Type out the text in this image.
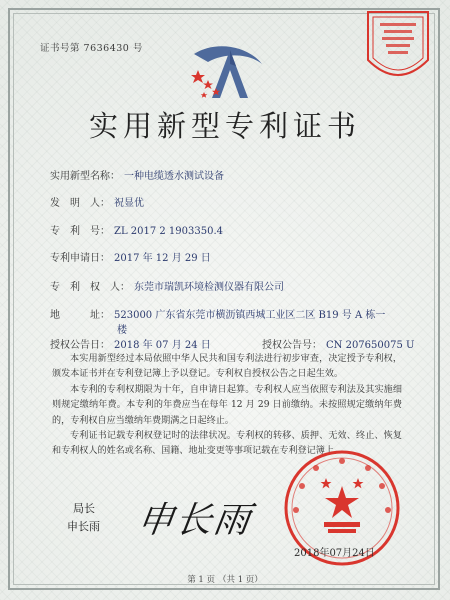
证书号第 7636430 号
实用新型专利证书
实用新型名称： 一种电缆透水测试设备
发　明　人： 祝显优
专　利　号： ZL 2017 2 1903350.4
专利申请日： 2017 年 12 月 29 日
专　利　权　人： 东莞市瑞凯环境检测仪器有限公司
地　　　址： 523000 广东省东莞市横沥镇西城工业区二区 B19 号 A 栋一
楼
授权公告日： 2018 年 07 月 24 日	授权公告号： CN 207650075 U

本实用新型经过本局依照中华人民共和国专利法进行初步审查，决定授予专利权，颁发本证书并在专利登记簿上予以登记。专利权自授权公告之日起生效。

本专利的专利权期限为十年，自申请日起算。专利权人应当依照专利法及其实施细则规定缴纳年费。本专利的年费应当在每年 12 月 29 日前缴纳。未按照规定缴纳年费的，专利权自应当缴纳年费期满之日起终止。

专利证书记载专利权登记时的法律状况。专利权的转移、质押、无效、终止、恢复和专利权人的姓名或名称、国籍、地址变更等事项记载在专利登记簿上。

局长
申长雨 申长雨
2018年07月24日
第 1 页 （共 1 页）
